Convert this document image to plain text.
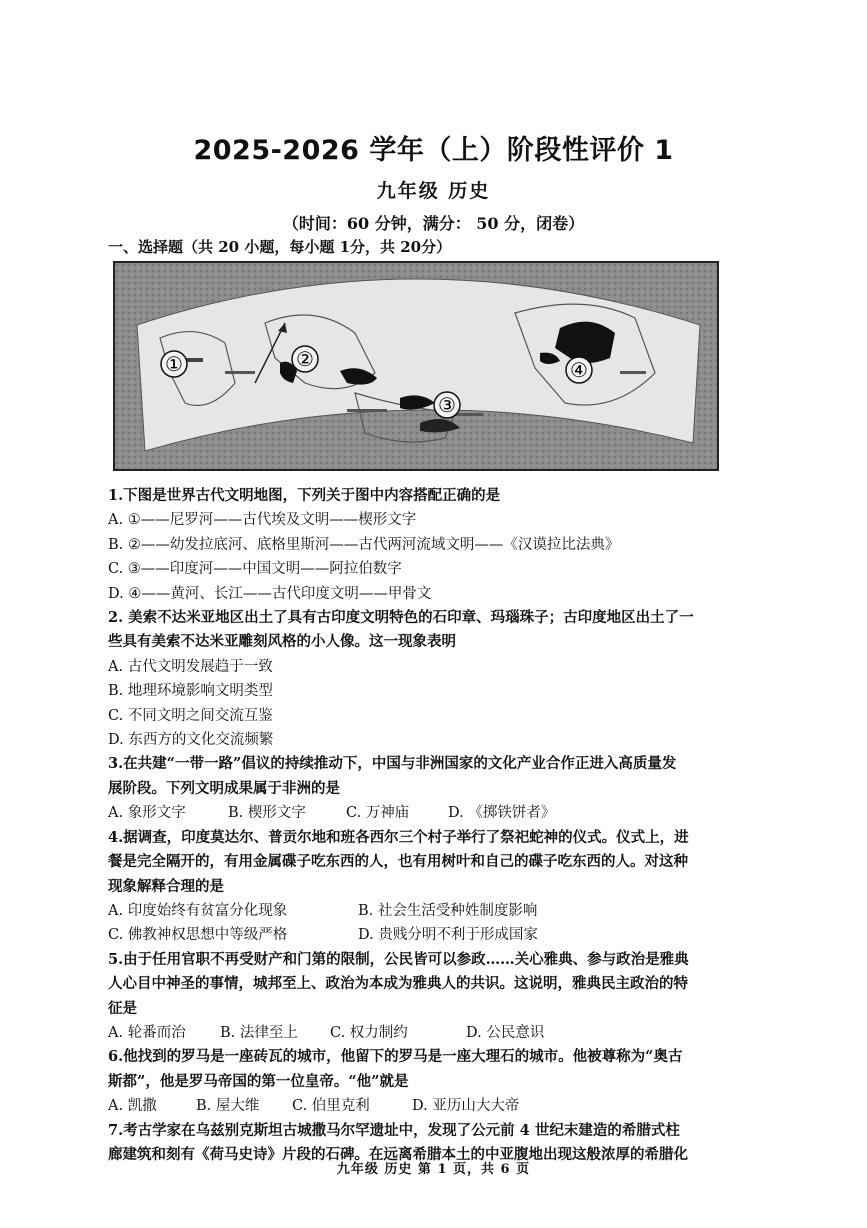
2025-2026 学年（上）阶段性评价 1
九年级 历史
（时间：60 分钟，满分： 50 分，闭卷）
一、选择题（共 20 小题，每小题 1分，共 20分）
①	②
③
④
1.下图是世界古代文明地图，下列关于图中内容搭配正确的是
A. ①——尼罗河——古代埃及文明——楔形文字
B. ②——幼发拉底河、底格里斯河——古代两河流域文明——《汉谟拉比法典》
C. ③——印度河——中国文明——阿拉伯数字
D. ④——黄河、长江——古代印度文明——甲骨文
2. 美索不达米亚地区出土了具有古印度文明特色的石印章、玛瑙珠子；古印度地区出土了一
些具有美索不达米亚雕刻风格的小人像。这一现象表明
A. 古代文明发展趋于一致
B. 地理环境影响文明类型
C. 不同文明之间交流互鉴
D. 东西方的文化交流频繁
3.在共建“一带一路”倡议的持续推动下，中国与非洲国家的文化产业合作正进入高质量发
展阶段。下列文明成果属于非洲的是
A. 象形文字	B. 楔形文字	C. 万神庙	D. 《掷铁饼者》
4.据调查，印度莫达尔、普贡尔地和班各西尔三个村子举行了祭祀蛇神的仪式。仪式上，进
餐是完全隔开的，有用金属碟子吃东西的人，也有用树叶和自己的碟子吃东西的人。对这种
现象解释合理的是
A. 印度始终有贫富分化现象	B. 社会生活受种姓制度影响
C. 佛教神权思想中等级严格	D. 贵贱分明不利于形成国家
5.由于任用官职不再受财产和门第的限制，公民皆可以参政……关心雅典、参与政治是雅典
人心目中神圣的事情，城邦至上、政治为本成为雅典人的共识。这说明，雅典民主政治的特
征是
A. 轮番而治	B. 法律至上	C. 权力制约	D. 公民意识
6.他找到的罗马是一座砖瓦的城市，他留下的罗马是一座大理石的城市。他被尊称为“奥古
斯都”，他是罗马帝国的第一位皇帝。“他”就是
A. 凯撒	B. 屋大维	C. 伯里克利	D. 亚历山大大帝
7.考古学家在乌兹别克斯坦古城撒马尔罕遗址中，发现了公元前 4 世纪末建造的希腊式柱
廊建筑和刻有《荷马史诗》片段的石碑。在远离希腊本土的中亚腹地出现这般浓厚的希腊化
九年级 历史 第 1 页，共 6 页
